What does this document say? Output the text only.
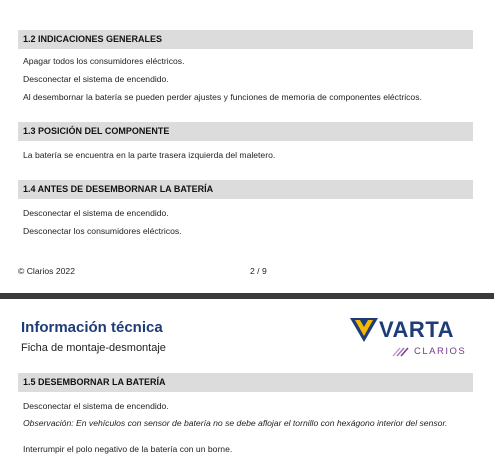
1.2 INDICACIONES GENERALES
Apagar todos los consumidores eléctricos.
Desconectar el sistema de encendido.
Al desembornar la batería se pueden perder ajustes y funciones de memoria de componentes eléctricos.
1.3 POSICIÓN DEL COMPONENTE
La batería se encuentra en la parte trasera izquierda del maletero.
1.4 ANTES DE DESEMBORNAR LA BATERÍA
Desconectar el sistema de encendido.
Desconectar los consumidores eléctricos.
© Clarios 2022	2 / 9
Información técnica
Ficha de montaje-desmontaje
VARTA
CLARIOS
1.5 DESEMBORNAR LA BATERÍA
Desconectar el sistema de encendido.
Observación: En vehículos con sensor de batería no se debe aflojar el tornillo con hexágono interior del sensor.
Interrumpir el polo negativo de la batería con un borne.
